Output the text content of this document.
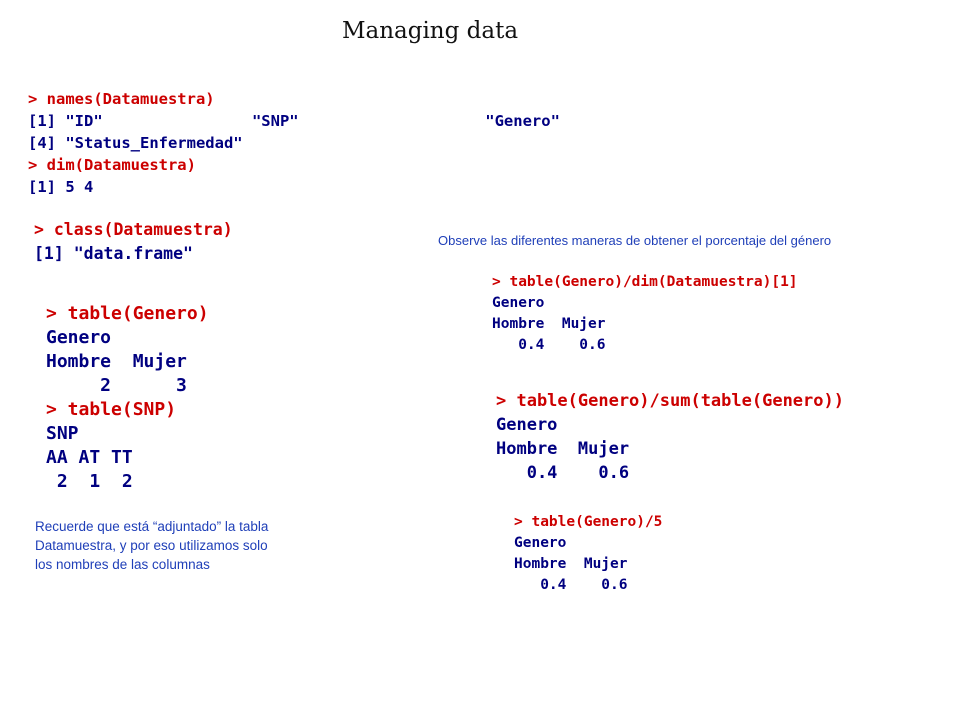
Managing data
> names(Datamuestra)
[1] "ID"                "SNP"                    "Genero"
[4] "Status_Enfermedad"
> dim(Datamuestra)
[1] 5 4
> class(Datamuestra)
[1] "data.frame"
> table(Genero)
Genero
Hombre  Mujer
2      3
> table(SNP)
SNP
AA AT TT
2  1  2
> table(Genero)/dim(Datamuestra)[1]
Genero
Hombre  Mujer
0.4    0.6
> table(Genero)/sum(table(Genero))
Genero
Hombre  Mujer
0.4    0.6
> table(Genero)/5
Genero
Hombre  Mujer
0.4    0.6
Observe las diferentes maneras de obtener el porcentaje del género
Recuerde que está “adjuntado” la tabla Datamuestra, y por eso utilizamos solo los nombres de las columnas
